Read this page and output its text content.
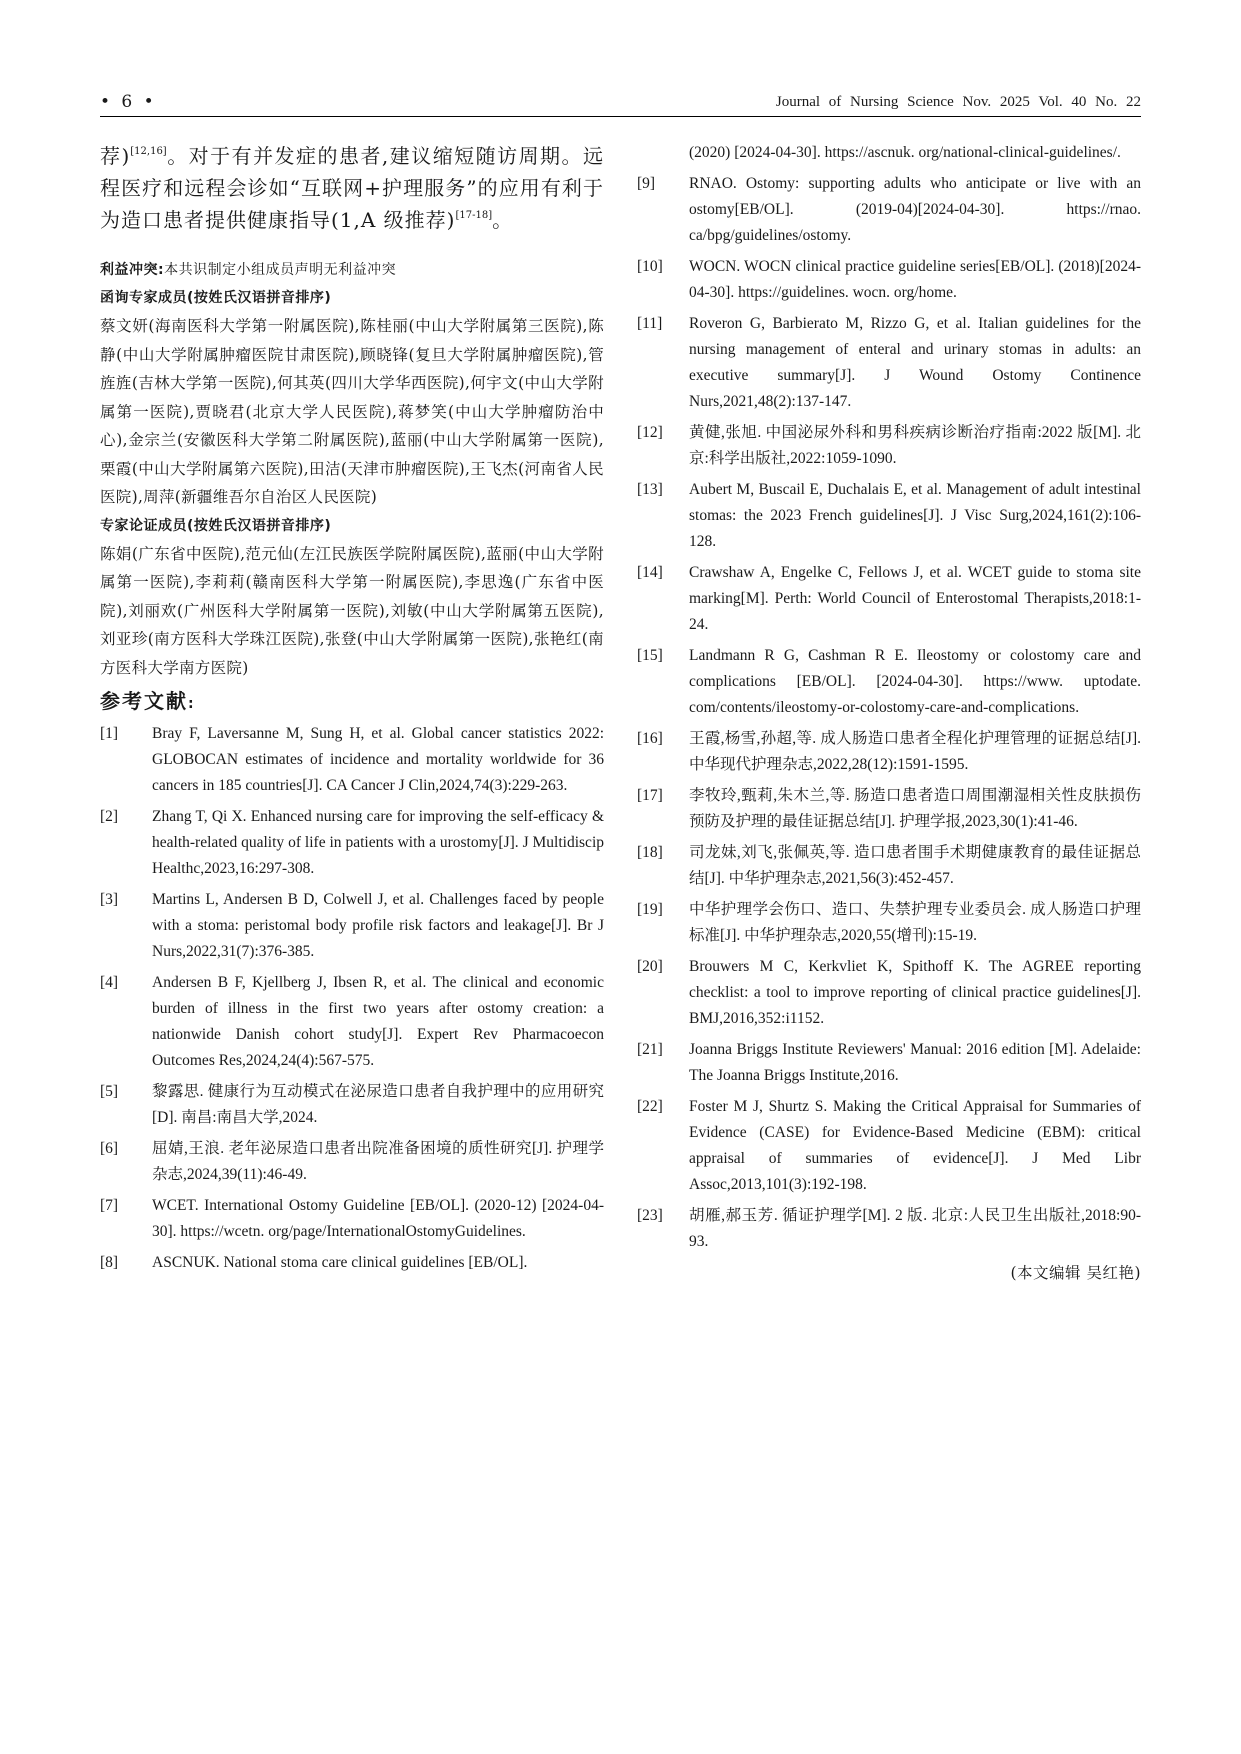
• 6 •	Journal of Nursing Science Nov. 2025 Vol. 40 No. 22

荐)[12,16]。对于有并发症的患者,建议缩短随访周期。远程医疗和远程会诊如“互联网+护理服务”的应用有利于为造口患者提供健康指导(1,A 级推荐)[17-18]。

利益冲突:本共识制定小组成员声明无利益冲突

函询专家成员(按姓氏汉语拼音排序)

蔡文妍(海南医科大学第一附属医院),陈桂丽(中山大学附属第三医院),陈静(中山大学附属肿瘤医院甘肃医院),顾晓锋(复旦大学附属肿瘤医院),管旌旌(吉林大学第一医院),何其英(四川大学华西医院),何宇文(中山大学附属第一医院),贾晓君(北京大学人民医院),蒋梦笑(中山大学肿瘤防治中心),金宗兰(安徽医科大学第二附属医院),蓝丽(中山大学附属第一医院),栗霞(中山大学附属第六医院),田洁(天津市肿瘤医院),王飞杰(河南省人民医院),周萍(新疆维吾尔自治区人民医院)

专家论证成员(按姓氏汉语拼音排序)

陈娟(广东省中医院),范元仙(左江民族医学院附属医院),蓝丽(中山大学附属第一医院),李莉莉(赣南医科大学第一附属医院),李思逸(广东省中医院),刘丽欢(广州医科大学附属第一医院),刘敏(中山大学附属第五医院),刘亚珍(南方医科大学珠江医院),张登(中山大学附属第一医院),张艳红(南方医科大学南方医院)

参考文献:

[1] Bray F, Laversanne M, Sung H, et al. Global cancer statistics 2022: GLOBOCAN estimates of incidence and mortality worldwide for 36 cancers in 185 countries[J]. CA Cancer J Clin,2024,74(3):229-263.

[2] Zhang T, Qi X. Enhanced nursing care for improving the self-efficacy & health-related quality of life in patients with a urostomy[J]. J Multidiscip Healthc,2023,16:297-308.

[3] Martins L, Andersen B D, Colwell J, et al. Challenges faced by people with a stoma: peristomal body profile risk factors and leakage[J]. Br J Nurs,2022,31(7):376-385.

[4] Andersen B F, Kjellberg J, Ibsen R, et al. The clinical and economic burden of illness in the first two years after ostomy creation: a nationwide Danish cohort study[J]. Expert Rev Pharmacoecon Outcomes Res,2024,24(4):567-575.

[5] 黎露思. 健康行为互动模式在泌尿造口患者自我护理中的应用研究[D]. 南昌:南昌大学,2024.

[6] 屈婧,王浪. 老年泌尿造口患者出院准备困境的质性研究[J]. 护理学杂志,2024,39(11):46-49.

[7] WCET. International Ostomy Guideline [EB/OL]. (2020-12) [2024-04-30]. https://wcetn. org/page/InternationalOstomyGuidelines.

[8] ASCNUK. National stoma care clinical guidelines [EB/OL].

(2020) [2024-04-30]. https://ascnuk. org/national-clinical-guidelines/.

[9] RNAO. Ostomy: supporting adults who anticipate or live with an ostomy[EB/OL]. (2019-04)[2024-04-30]. https://rnao. ca/bpg/guidelines/ostomy.

[10] WOCN. WOCN clinical practice guideline series[EB/OL]. (2018)[2024-04-30]. https://guidelines. wocn. org/home.

[11] Roveron G, Barbierato M, Rizzo G, et al. Italian guidelines for the nursing management of enteral and urinary stomas in adults: an executive summary[J]. J Wound Ostomy Continence Nurs,2021,48(2):137-147.

[12] 黄健,张旭. 中国泌尿外科和男科疾病诊断治疗指南:2022 版[M]. 北京:科学出版社,2022:1059-1090.

[13] Aubert M, Buscail E, Duchalais E, et al. Management of adult intestinal stomas: the 2023 French guidelines[J]. J Visc Surg,2024,161(2):106-128.

[14] Crawshaw A, Engelke C, Fellows J, et al. WCET guide to stoma site marking[M]. Perth: World Council of Enterostomal Therapists,2018:1-24.

[15] Landmann R G, Cashman R E. Ileostomy or colostomy care and complications [EB/OL]. [2024-04-30]. https://www. uptodate. com/contents/ileostomy-or-colostomy-care-and-complications.

[16] 王霞,杨雪,孙超,等. 成人肠造口患者全程化护理管理的证据总结[J]. 中华现代护理杂志,2022,28(12):1591-1595.

[17] 李牧玲,甄莉,朱木兰,等. 肠造口患者造口周围潮湿相关性皮肤损伤预防及护理的最佳证据总结[J]. 护理学报,2023,30(1):41-46.

[18] 司龙妹,刘飞,张佩英,等. 造口患者围手术期健康教育的最佳证据总结[J]. 中华护理杂志,2021,56(3):452-457.

[19] 中华护理学会伤口、造口、失禁护理专业委员会. 成人肠造口护理标准[J]. 中华护理杂志,2020,55(增刊):15-19.

[20] Brouwers M C, Kerkvliet K, Spithoff K. The AGREE reporting checklist: a tool to improve reporting of clinical practice guidelines[J]. BMJ,2016,352:i1152.

[21] Joanna Briggs Institute Reviewers' Manual: 2016 edition [M]. Adelaide: The Joanna Briggs Institute,2016.

[22] Foster M J, Shurtz S. Making the Critical Appraisal for Summaries of Evidence (CASE) for Evidence-Based Medicine (EBM): critical appraisal of summaries of evidence[J]. J Med Libr Assoc,2013,101(3):192-198.

[23] 胡雁,郝玉芳. 循证护理学[M]. 2 版. 北京:人民卫生出版社,2018:90-93.

(本文编辑 吴红艳)
